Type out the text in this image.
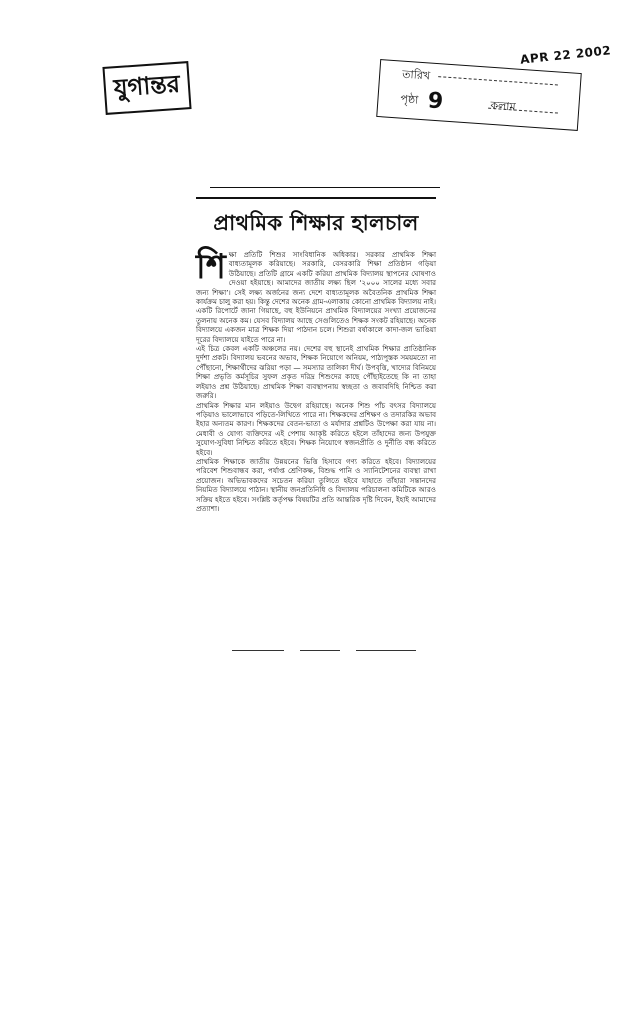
যুগান্তর
APR 22 2002
তারিখ
পৃষ্ঠা 9	কলাম
প্রাথমিক শিক্ষার হালচাল

শিক্ষা প্রতিটি শিশুর সাংবিধানিক অধিকার। সরকার প্রাথমিক শিক্ষা বাধ্যতামূলক করিয়াছে। সরকারি, বেসরকারি শিক্ষা প্রতিষ্ঠান গড়িয়া উঠিয়াছে। প্রতিটি গ্রামে একটি করিয়া প্রাথমিক বিদ্যালয় স্থাপনের ঘোষণাও দেওয়া হইয়াছে। আমাদের জাতীয় লক্ষ্য ছিল ‘২০০০ সালের মধ্যে সবার জন্য শিক্ষা’। সেই লক্ষ্য অর্জনের জন্য দেশে বাধ্যতামূলক অবৈতনিক প্রাথমিক শিক্ষা কার্যক্রম চালু করা হয়। কিন্তু দেশের অনেক গ্রাম-এলাকায় কোনো প্রাথমিক বিদ্যালয় নাই। একটি রিপোর্টে জানা গিয়াছে, বহু ইউনিয়নে প্রাথমিক বিদ্যালয়ের সংখ্যা প্রয়োজনের তুলনায় অনেক কম। যেসব বিদ্যালয় আছে সেগুলিতেও শিক্ষক সংকট রহিয়াছে। অনেক বিদ্যালয়ে একজন মাত্র শিক্ষক দিয়া পাঠদান চলে। শিশুরা বর্ষাকালে কাদা-জল ভাঙিয়া দূরের বিদ্যালয়ে যাইতে পারে না।

এই চিত্র কেবল একটি অঞ্চলের নয়। দেশের বহু স্থানেই প্রাথমিক শিক্ষার প্রাতিষ্ঠানিক দুর্দশা প্রকট। বিদ্যালয় ভবনের অভাব, শিক্ষক নিয়োগে অনিয়ম, পাঠ্যপুস্তক সময়মতো না পৌঁছানো, শিক্ষার্থীদের ঝরিয়া পড়া — সমস্যার তালিকা দীর্ঘ। উপবৃত্তি, খাদ্যের বিনিময়ে শিক্ষা প্রভৃতি কর্মসূচির সুফল প্রকৃত দরিদ্র শিশুদের কাছে পৌঁছাইতেছে কি না তাহা লইয়াও প্রশ্ন উঠিয়াছে। প্রাথমিক শিক্ষা ব্যবস্থাপনায় স্বচ্ছতা ও জবাবদিহি নিশ্চিত করা জরুরি।

প্রাথমিক শিক্ষার মান লইয়াও উদ্বেগ রহিয়াছে। অনেক শিশু পাঁচ বৎসর বিদ্যালয়ে পড়িয়াও ভালোভাবে পড়িতে-লিখিতে পারে না। শিক্ষকদের প্রশিক্ষণ ও তদারকির অভাব ইহার অন্যতম কারণ। শিক্ষকদের বেতন-ভাতা ও মর্যাদার প্রশ্নটিও উপেক্ষা করা যায় না। মেধাবী ও যোগ্য ব্যক্তিদের এই পেশায় আকৃষ্ট করিতে হইলে তাঁহাদের জন্য উপযুক্ত সুযোগ-সুবিধা নিশ্চিত করিতে হইবে। শিক্ষক নিয়োগে স্বজনপ্রীতি ও দুর্নীতি বন্ধ করিতে হইবে।

প্রাথমিক শিক্ষাকে জাতীয় উন্নয়নের ভিত্তি হিসাবে গণ্য করিতে হইবে। বিদ্যালয়ের পরিবেশ শিশুবান্ধব করা, পর্যাপ্ত শ্রেণিকক্ষ, বিশুদ্ধ পানি ও স্যানিটেশনের ব্যবস্থা রাখা প্রয়োজন। অভিভাবকদের সচেতন করিয়া তুলিতে হইবে যাহাতে তাঁহারা সন্তানদের নিয়মিত বিদ্যালয়ে পাঠান। স্থানীয় জনপ্রতিনিধি ও বিদ্যালয় পরিচালনা কমিটিকে আরও সক্রিয় হইতে হইবে। সংশ্লিষ্ট কর্তৃপক্ষ বিষয়টির প্রতি আন্তরিক দৃষ্টি দিবেন, ইহাই আমাদের প্রত্যাশা।
